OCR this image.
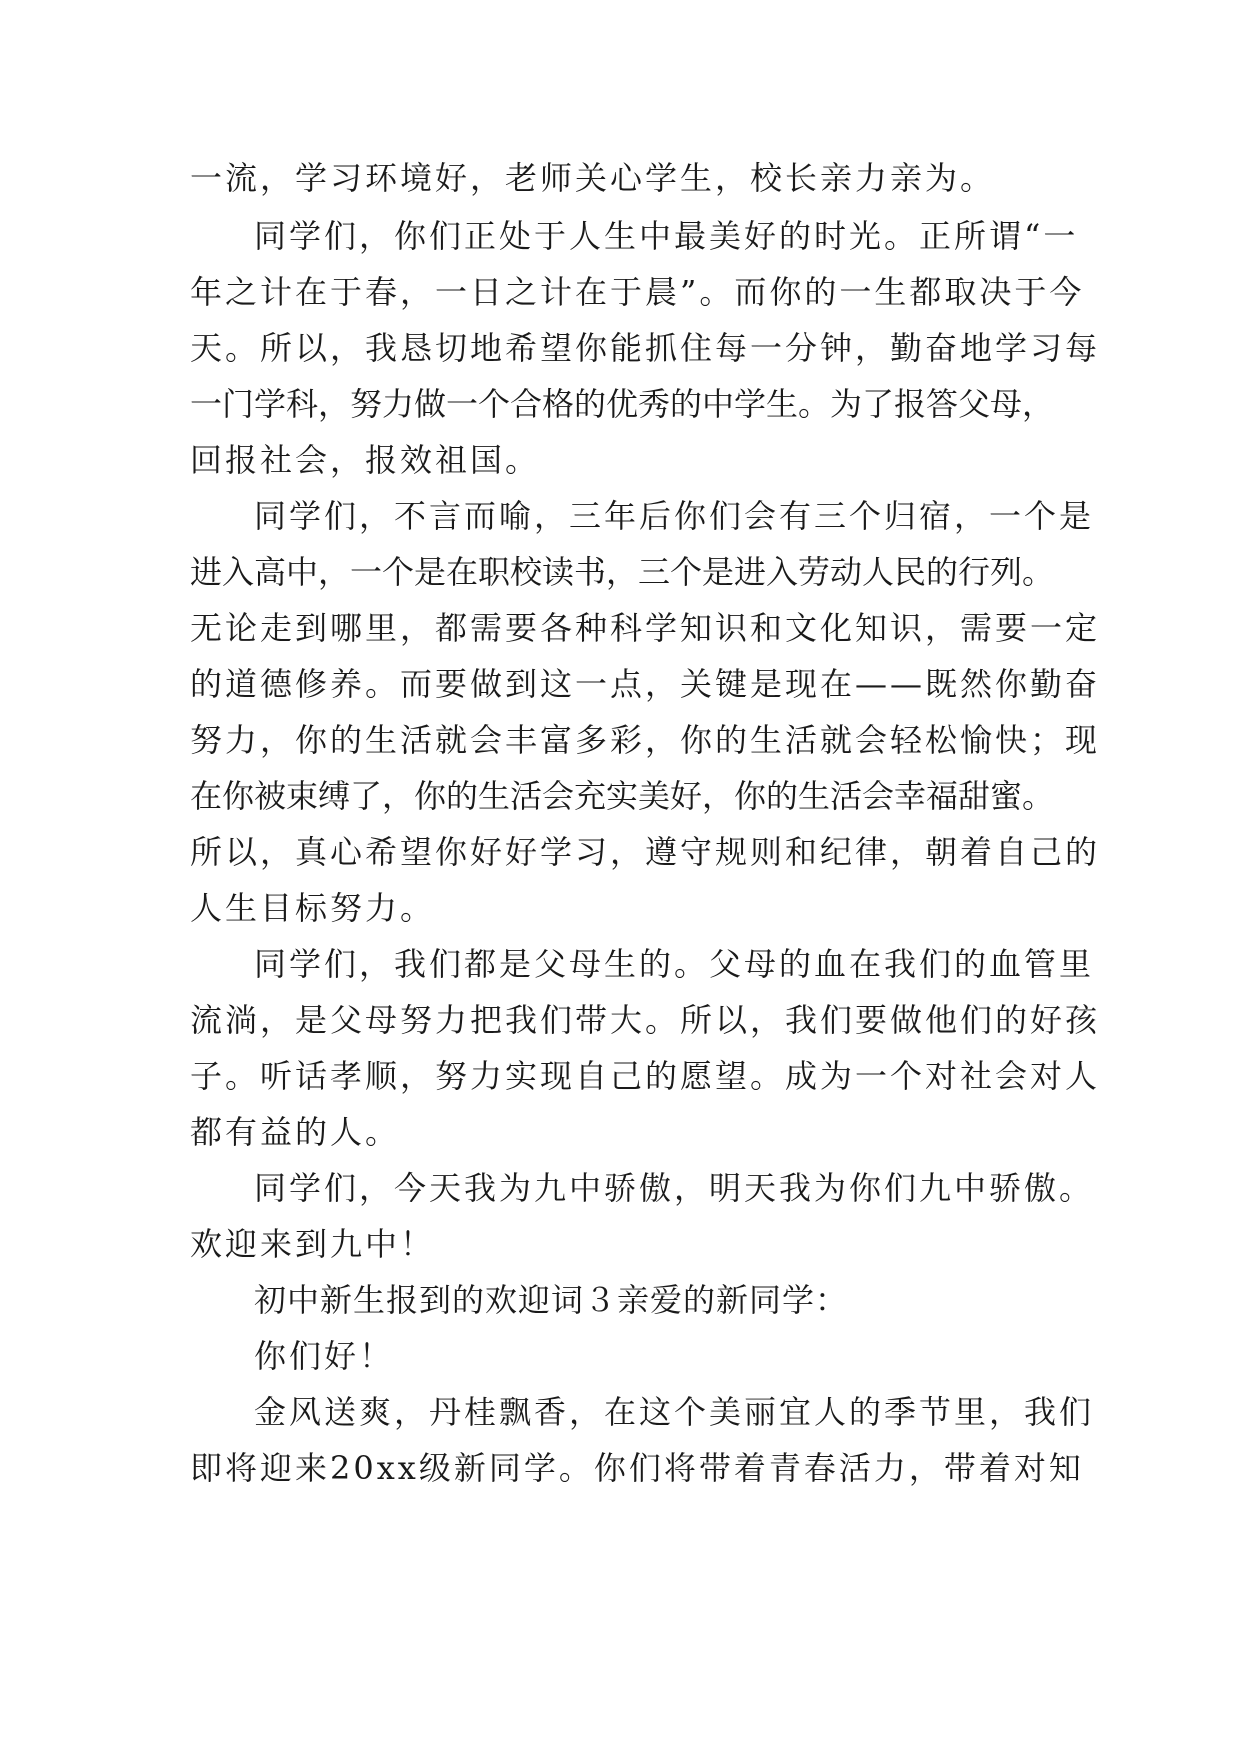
一流，学习环境好，老师关心学生，校长亲力亲为。
同学们，你们正处于人生中最美好的时光。正所谓“一
年之计在于春，一日之计在于晨”。而你的一生都取决于今
天。所以，我恳切地希望你能抓住每一分钟，勤奋地学习每
一门学科，努力做一个合格的优秀的中学生。为了报答父母，
回报社会，报效祖国。
同学们，不言而喻，三年后你们会有三个归宿，一个是
进入高中，一个是在职校读书，三个是进入劳动人民的行列。
无论走到哪里，都需要各种科学知识和文化知识，需要一定
的道德修养。而要做到这一点，关键是现在——既然你勤奋
努力，你的生活就会丰富多彩，你的生活就会轻松愉快；现
在你被束缚了，你的生活会充实美好，你的生活会幸福甜蜜。
所以，真心希望你好好学习，遵守规则和纪律，朝着自己的
人生目标努力。
同学们，我们都是父母生的。父母的血在我们的血管里
流淌，是父母努力把我们带大。所以，我们要做他们的好孩
子。听话孝顺，努力实现自己的愿望。成为一个对社会对人
都有益的人。
同学们，今天我为九中骄傲，明天我为你们九中骄傲。
欢迎来到九中！
初中新生报到的欢迎词３亲爱的新同学：
你们好！
金风送爽，丹桂飘香，在这个美丽宜人的季节里，我们
即将迎来20xx级新同学。你们将带着青春活力，带着对知
